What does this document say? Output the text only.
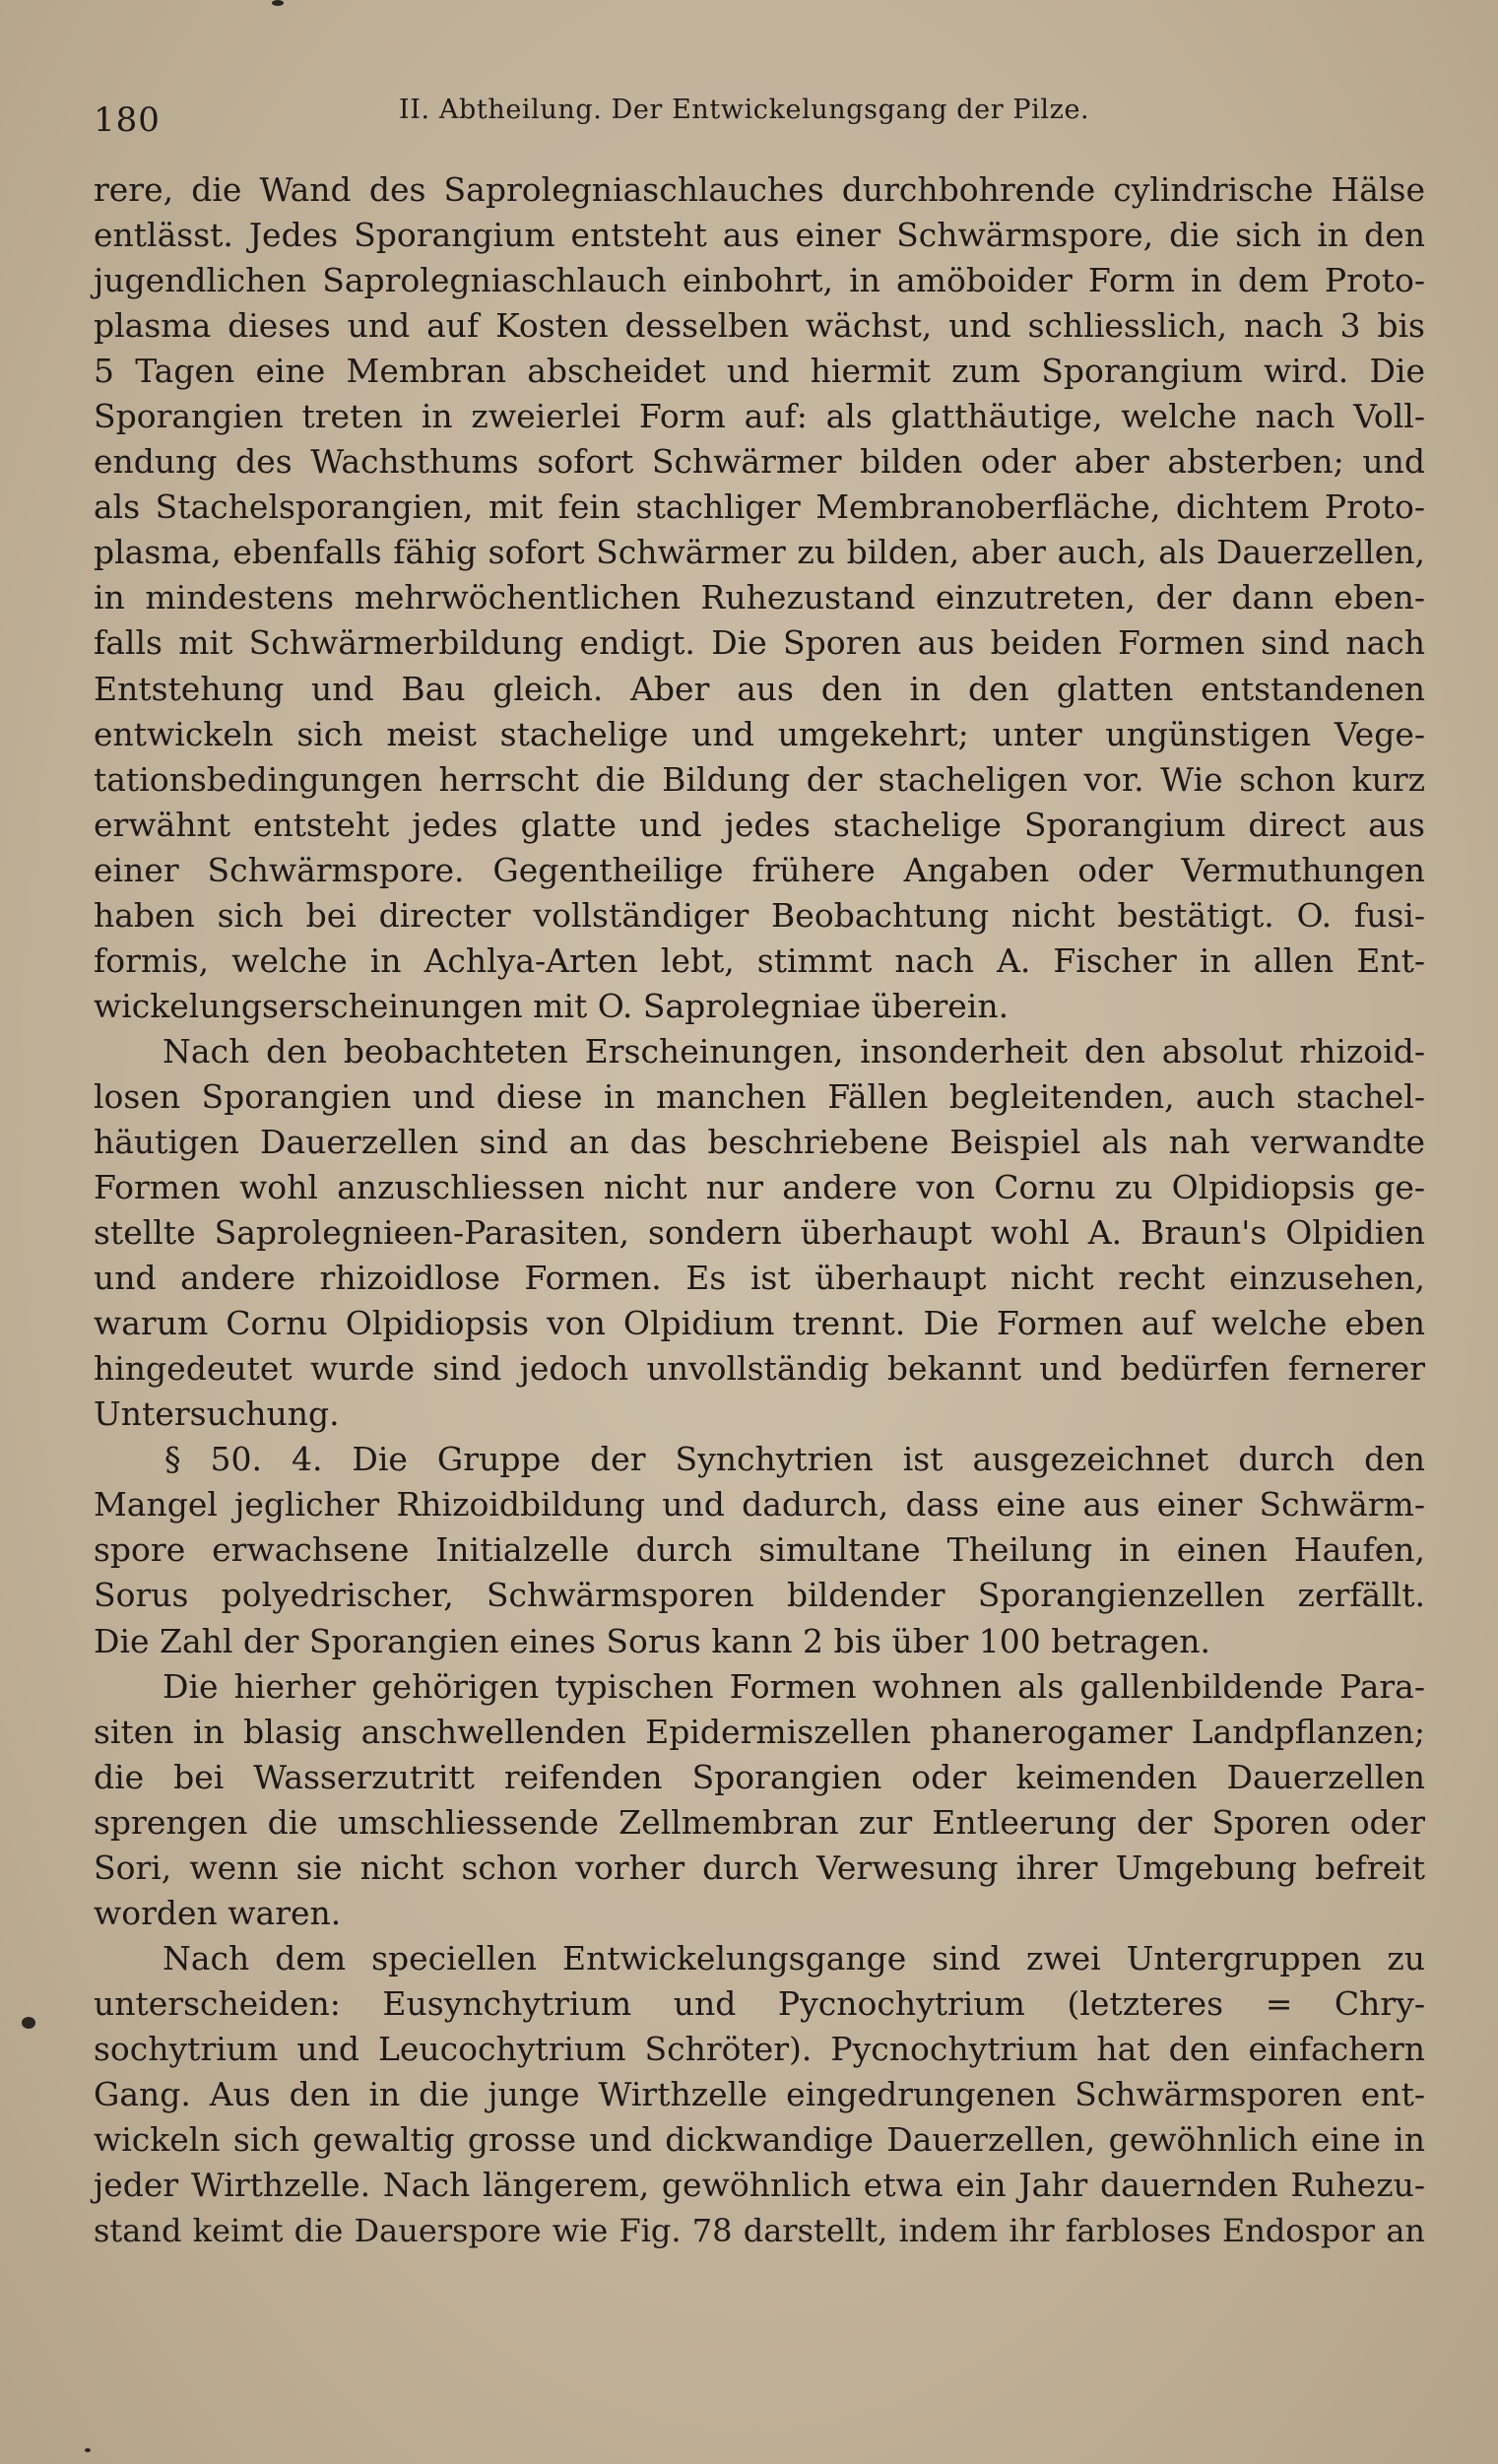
180	II. Abtheilung. Der Entwickelungsgang der Pilze.
rere, die Wand des Saprolegniaschlauches durchbohrende cylindrische Hälse
entlässt. Jedes Sporangium entsteht aus einer Schwärmspore, die sich in den
jugendlichen Saprolegniaschlauch einbohrt, in amöboider Form in dem Proto-
plasma dieses und auf Kosten desselben wächst, und schliesslich, nach 3 bis
5 Tagen eine Membran abscheidet und hiermit zum Sporangium wird. Die
Sporangien treten in zweierlei Form auf: als glatthäutige, welche nach Voll-
endung des Wachsthums sofort Schwärmer bilden oder aber absterben; und
als Stachelsporangien, mit fein stachliger Membranoberfläche, dichtem Proto-
plasma, ebenfalls fähig sofort Schwärmer zu bilden, aber auch, als Dauerzellen,
in mindestens mehrwöchentlichen Ruhezustand einzutreten, der dann eben-
falls mit Schwärmerbildung endigt. Die Sporen aus beiden Formen sind nach
Entstehung und Bau gleich. Aber aus den in den glatten entstandenen
entwickeln sich meist stachelige und umgekehrt; unter ungünstigen Vege-
tationsbedingungen herrscht die Bildung der stacheligen vor. Wie schon kurz
erwähnt entsteht jedes glatte und jedes stachelige Sporangium direct aus
einer Schwärmspore. Gegentheilige frühere Angaben oder Vermuthungen
haben sich bei directer vollständiger Beobachtung nicht bestätigt. O. fusi-
formis, welche in Achlya-Arten lebt, stimmt nach A. Fischer in allen Ent-
wickelungserscheinungen mit O. Saprolegniae überein.
Nach den beobachteten Erscheinungen, insonderheit den absolut rhizoid-
losen Sporangien und diese in manchen Fällen begleitenden, auch stachel-
häutigen Dauerzellen sind an das beschriebene Beispiel als nah verwandte
Formen wohl anzuschliessen nicht nur andere von Cornu zu Olpidiopsis ge-
stellte Saprolegnieen-Parasiten, sondern überhaupt wohl A. Braun's Olpidien
und andere rhizoidlose Formen. Es ist überhaupt nicht recht einzusehen,
warum Cornu Olpidiopsis von Olpidium trennt. Die Formen auf welche eben
hingedeutet wurde sind jedoch unvollständig bekannt und bedürfen fernerer
Untersuchung.
§ 50. 4. Die Gruppe der Synchytrien ist ausgezeichnet durch den
Mangel jeglicher Rhizoidbildung und dadurch, dass eine aus einer Schwärm-
spore erwachsene Initialzelle durch simultane Theilung in einen Haufen,
Sorus polyedrischer, Schwärmsporen bildender Sporangienzellen zerfällt.
Die Zahl der Sporangien eines Sorus kann 2 bis über 100 betragen.
Die hierher gehörigen typischen Formen wohnen als gallenbildende Para-
siten in blasig anschwellenden Epidermiszellen phanerogamer Landpflanzen;
die bei Wasserzutritt reifenden Sporangien oder keimenden Dauerzellen
sprengen die umschliessende Zellmembran zur Entleerung der Sporen oder
Sori, wenn sie nicht schon vorher durch Verwesung ihrer Umgebung befreit
worden waren.
Nach dem speciellen Entwickelungsgange sind zwei Untergruppen zu
unterscheiden: Eusynchytrium und Pycnochytrium (letzteres = Chry-
sochytrium und Leucochytrium Schröter). Pycnochytrium hat den einfachern
Gang. Aus den in die junge Wirthzelle eingedrungenen Schwärmsporen ent-
wickeln sich gewaltig grosse und dickwandige Dauerzellen, gewöhnlich eine in
jeder Wirthzelle. Nach längerem, gewöhnlich etwa ein Jahr dauernden Ruhezu-
stand keimt die Dauerspore wie Fig. 78 darstellt, indem ihr farbloses Endospor an
